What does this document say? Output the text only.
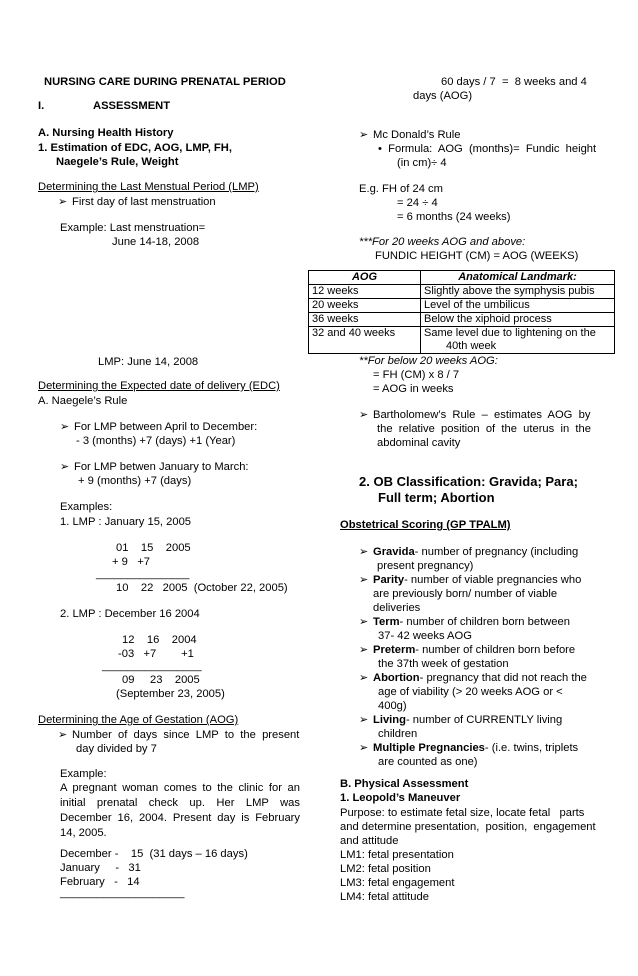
NURSING CARE DURING PRENATAL PERIOD
I.	ASSESSMENT
A. Nursing Health History
1. Estimation of EDC, AOG, LMP, FH,
Naegele’s Rule, Weight
Determining the Last Menstual Period (LMP)
➢ First day of last menstruation
Example: Last menstruation=
June 14-18, 2008
LMP: June 14, 2008
Determining the Expected date of delivery (EDC)
A. Naegele’s Rule
➢ For LMP between April to December:
- 3 (months) +7 (days) +1 (Year)
➢ For LMP betwen January to March:
+ 9 (months) +7 (days)
Examples:
1. LMP : January 15, 2005
01    15    2005
+ 9   +7
_______________
10    22   2005  (October 22, 2005)
2. LMP : December 16 2004
12    16    2004
-03   +7        +1
________________
09     23    2005
(September 23, 2005)
Determining the Age of Gestation (AOG)
➢ Number  of  days  since  LMP  to  the  present
day divided by 7
Example:
A pregnant woman comes to the clinic for an initial prenatal check up. Her LMP was December 16, 2004. Present day is February 14, 2005.
December -    15  (31 days – 16 days)
January     -   31
February   -   14
____________________
60 days / 7  =  8 weeks and 4
days (AOG)
➢ Mc Donald’s Rule
•  Formula:  AOG  (months)=  Fundic  height
(in cm)÷ 4
E.g. FH of 24 cm
= 24 ÷ 4
= 6 months (24 weeks)
***For 20 weeks AOG and above:
FUNDIC HEIGHT (CM) = AOG (WEEKS)
AOG	Anatomical Landmark:
12 weeks	Slightly above the symphysis pubis
20 weeks	Level of the umbilicus
36 weeks	Below the xiphoid process
32 and 40 weeks	Same level due to lightening on the
40th week
**For below 20 weeks AOG:
= FH (CM) x 8 / 7
= AOG in weeks
➢ Bartholomew’s  Rule  –  estimates  AOG  by
the  relative  position  of  the  uterus  in  the
abdominal cavity
2. OB Classification: Gravida; Para;
Full term; Abortion
Obstetrical Scoring (GP TPALM)
➢ Gravida- number of pregnancy (including
present pregnancy)
➢ Parity- number of viable pregnancies who
are previously born/ number of viable
deliveries
➢ Term- number of children born between
37- 42 weeks AOG
➢ Preterm- number of children born before
the 37th week of gestation
➢ Abortion- pregnancy that did not reach the
age of viability (> 20 weeks AOG or <
400g)
➢ Living- number of CURRENTLY living
children
➢ Multiple Pregnancies- (i.e. twins, triplets
are counted as one)
B. Physical Assessment
1. Leopold’s Maneuver
Purpose: to estimate fetal size, locate fetal   parts
and determine presentation,  position,  engagement
and attitude
LM1: fetal presentation
LM2: fetal position
LM3: fetal engagement
LM4: fetal attitude
